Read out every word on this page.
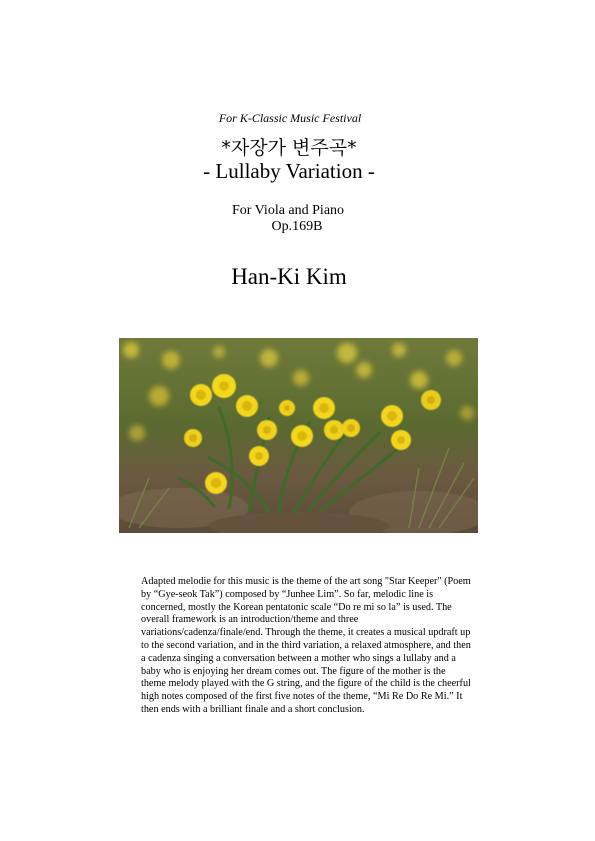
For K-Classic Music Festival
*자장가 변주곡*
- Lullaby Variation -
For Viola and Piano
Op.169B
Han-Ki Kim
Adapted melodie for this music is the theme of the art song "Star Keeper" (Poem by “Gye-seok Tak”) composed by “Junhee Lim”. So far, melodic line is concerned, mostly the Korean pentatonic scale “Do re mi so la” is used. The overall framework is an introduction/theme and three variations/cadenza/finale/end. Through the theme, it creates a musical updraft up to the second variation, and in the third variation, a relaxed atmosphere, and then a cadenza singing a conversation between a mother who sings a lullaby and a baby who is enjoying her dream comes out. The figure of the mother is the theme melody played with the G string, and the figure of the child is the cheerful high notes composed of the first five notes of the theme, “Mi Re Do Re Mi.” It then ends with a brilliant finale and a short conclusion.
